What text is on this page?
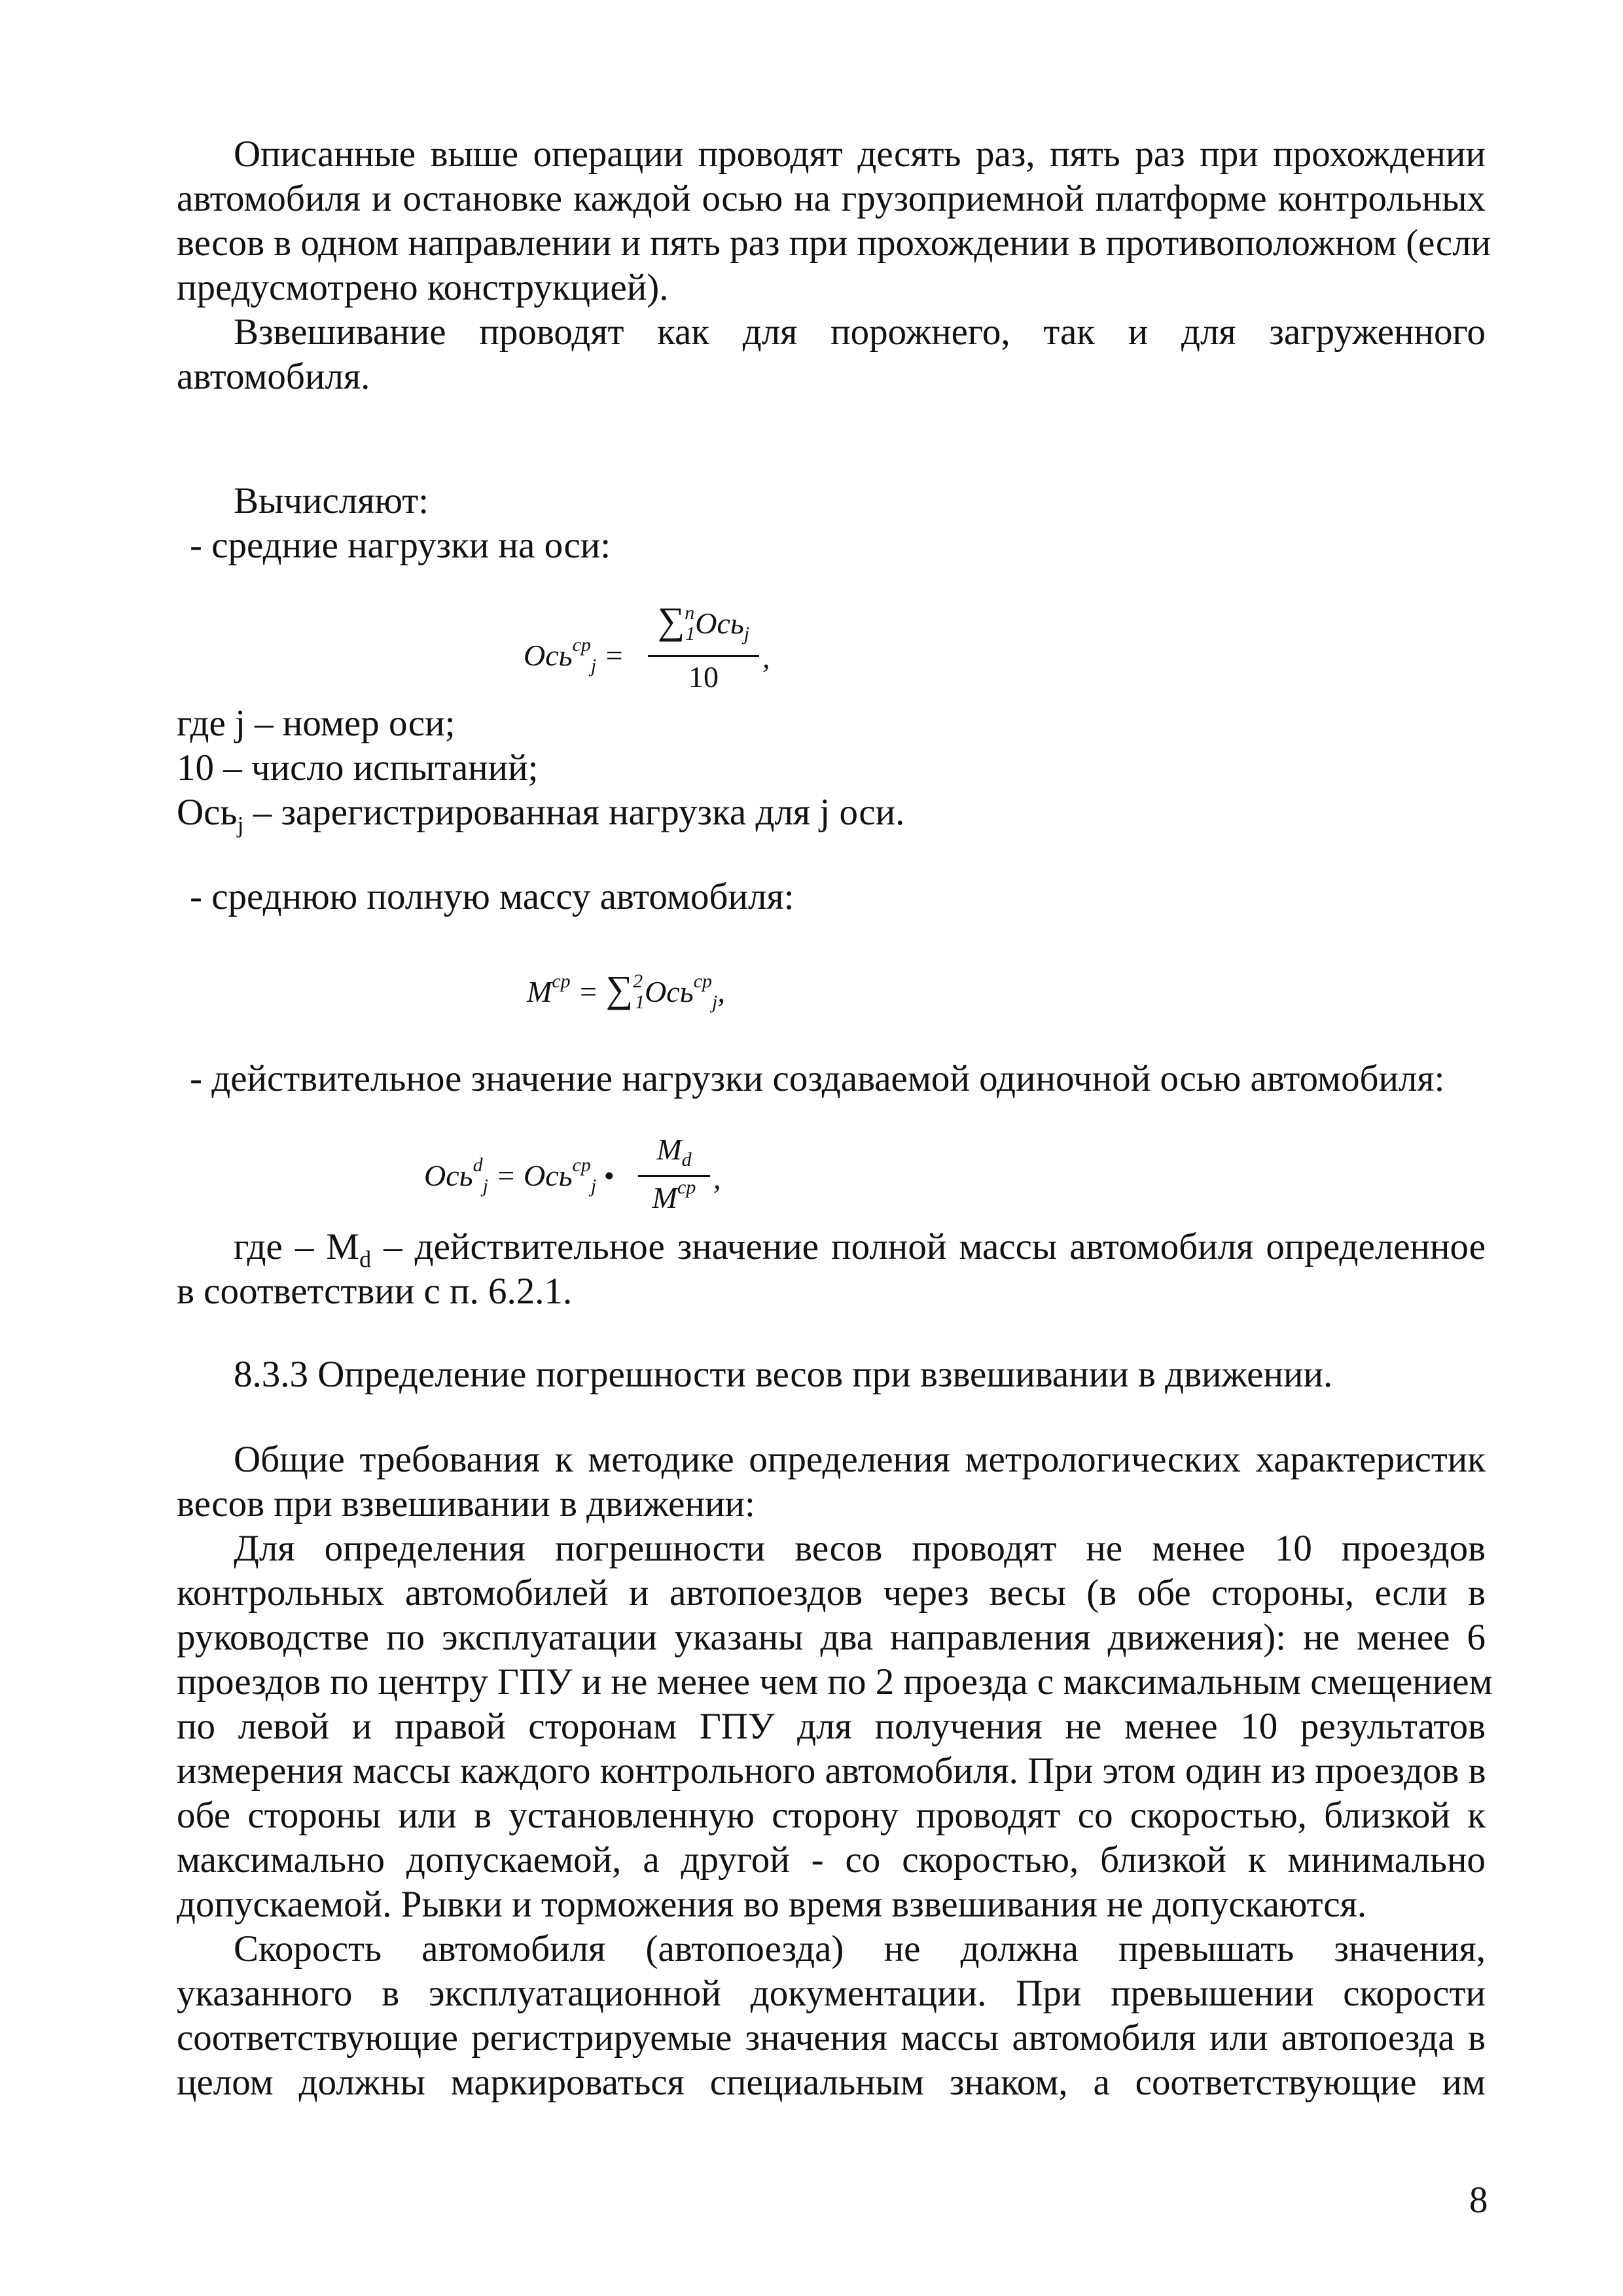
Описанные выше операции проводят десять раз, пять раз при прохождении
автомобиля и остановке каждой осью на грузоприемной платформе контрольных
весов в одном направлении и пять раз при прохождении в противоположном (если
предусмотрено конструкцией).
Взвешивание проводят как для порожнего, так и для загруженного
автомобиля.
Вычисляют:
- средние нагрузки на оси:
Ось$^{ср}_j$ =
∑$^n_1$Ось$_j$
10
,
где j – номер оси;
10 – число испытаний;
Ось$_j$ – зарегистрированная нагрузка для j оси.
- среднюю полную массу автомобиля:
$M^{ср} = \sum^2_1Ось^{ср}_j$,
- действительное значение нагрузки создаваемой одиночной осью автомобиля:
Ось$^d_j$ = Ось$^{ср}_j$ •
$M_d$
$M^{ср}$ ,
где – $M_d$ – действительное значение полной массы автомобиля определенное
в соответствии с п. 6.2.1.
8.3.3 Определение погрешности весов при взвешивании в движении.
Общие требования к методике определения метрологических характеристик
весов при взвешивании в движении:
Для определения погрешности весов проводят не менее 10 проездов
контрольных автомобилей и автопоездов через весы (в обе стороны, если в
руководстве по эксплуатации указаны два направления движения): не менее 6
проездов по центру ГПУ и не менее чем по 2 проезда с максимальным смещением
по левой и правой сторонам ГПУ для получения не менее 10 результатов
измерения массы каждого контрольного автомобиля. При этом один из проездов в
обе стороны или в установленную сторону проводят со скоростью, близкой к
максимально допускаемой, а другой - со скоростью, близкой к минимально
допускаемой. Рывки и торможения во время взвешивания не допускаются.
Скорость автомобиля (автопоезда) не должна превышать значения,
указанного в эксплуатационной документации. При превышении скорости
соответствующие регистрируемые значения массы автомобиля или автопоезда в
целом должны маркироваться специальным знаком, а соответствующие им
8
